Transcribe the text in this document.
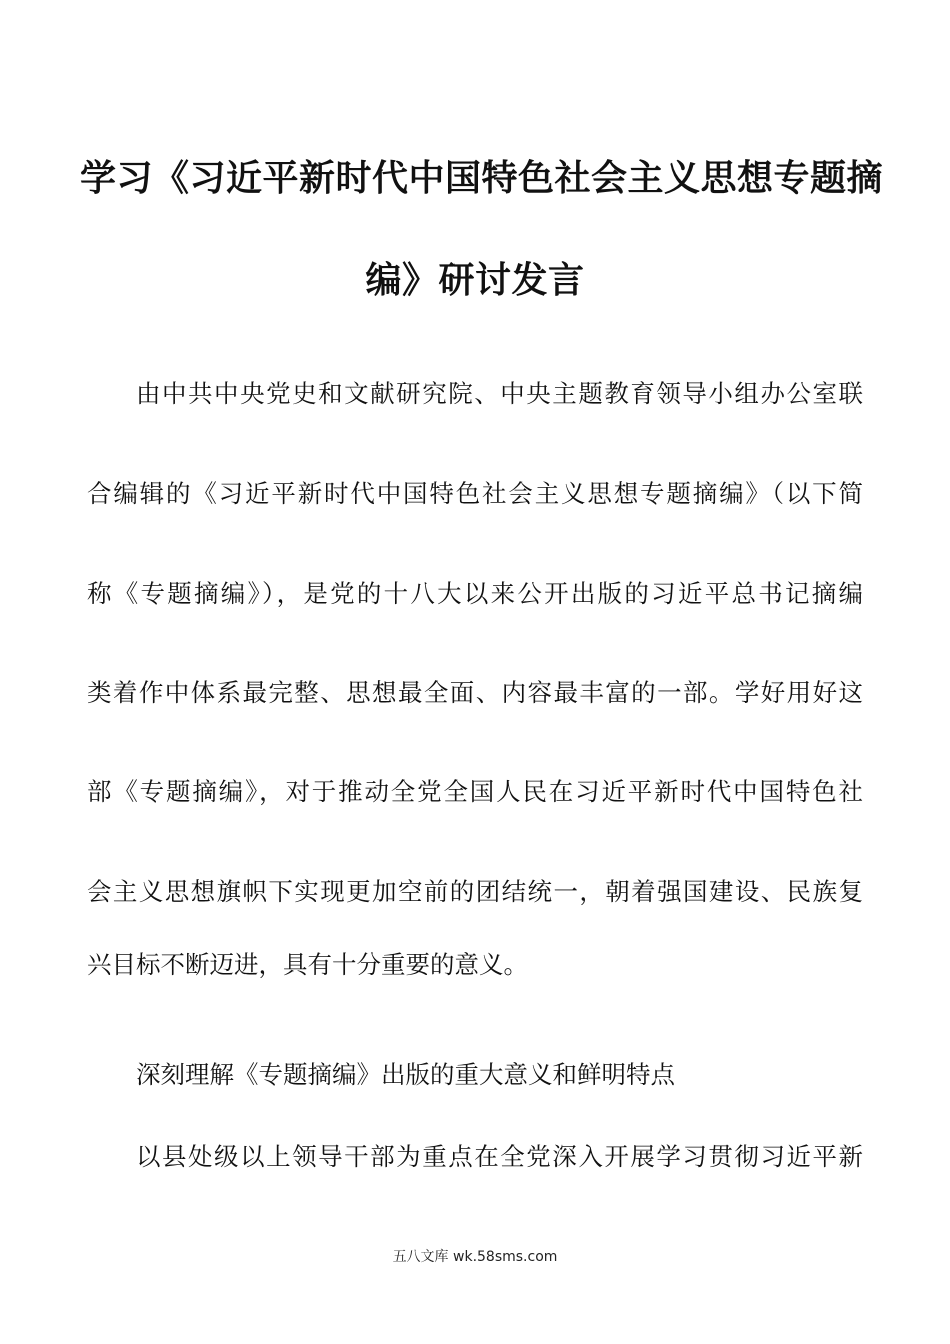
学习《习近平新时代中国特色社会主义思想专题摘
编》研讨发言

由中共中央党史和文献研究院、中央主题教育领导小组办公室联

合编辑的《习近平新时代中国特色社会主义思想专题摘编》（以下简

称《专题摘编》），是党的十八大以来公开出版的习近平总书记摘编

类着作中体系最完整、思想最全面、内容最丰富的一部。学好用好这

部《专题摘编》，对于推动全党全国人民在习近平新时代中国特色社

会主义思想旗帜下实现更加空前的团结统一，朝着强国建设、民族复

兴目标不断迈进，具有十分重要的意义。

深刻理解《专题摘编》出版的重大意义和鲜明特点

以县处级以上领导干部为重点在全党深入开展学习贯彻习近平新

五八文库 wk.58sms.com
